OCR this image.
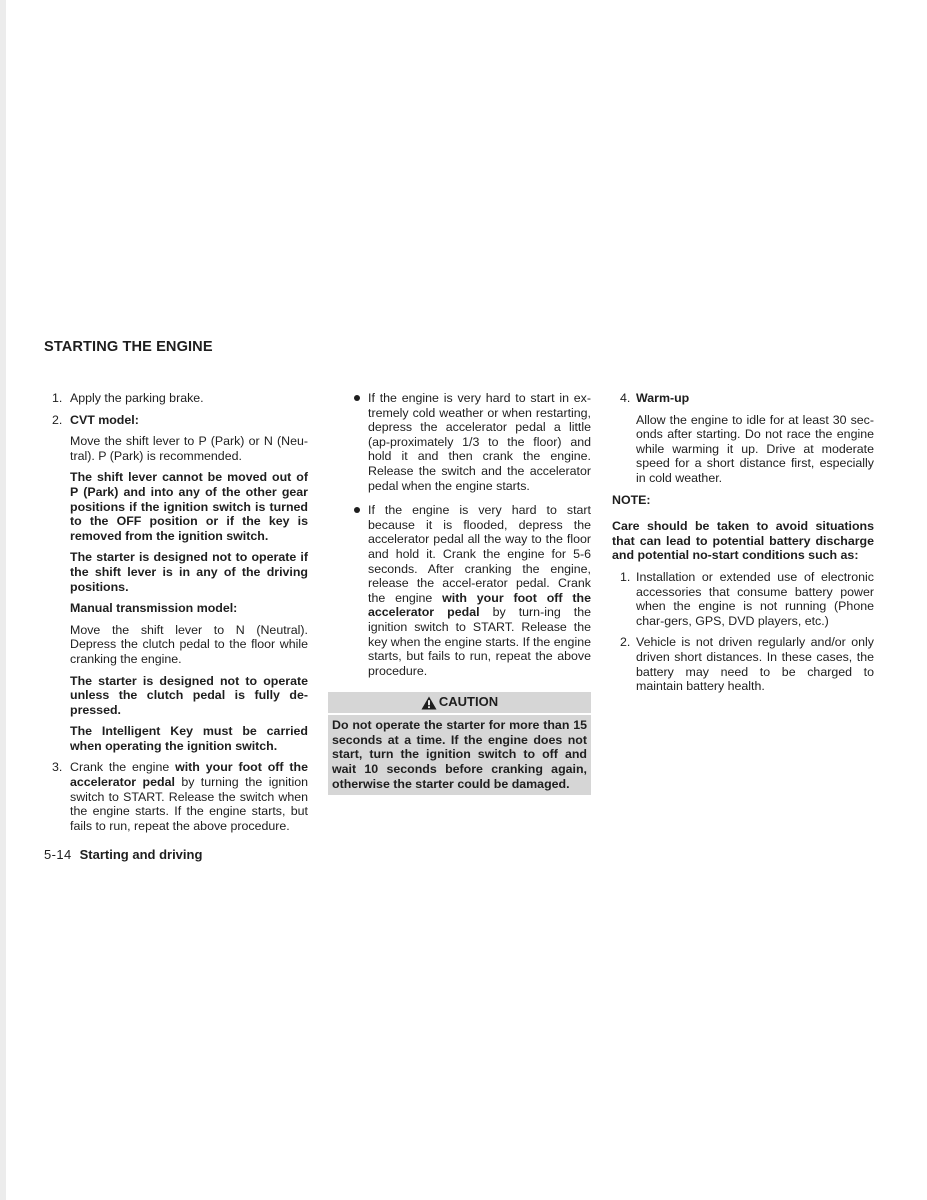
STARTING THE ENGINE
1. Apply the parking brake.

2. CVT model:

Move the shift lever to P (Park) or N (Neu-tral). P (Park) is recommended.

The shift lever cannot be moved out of P (Park) and into any of the other gear positions if the ignition switch is turned to the OFF position or if the key is removed from the ignition switch.

The starter is designed not to operate if the shift lever is in any of the driving positions.

Manual transmission model:

Move the shift lever to N (Neutral). Depress the clutch pedal to the floor while cranking the engine.

The starter is designed not to operate unless the clutch pedal is fully de-pressed.

The Intelligent Key must be carried when operating the ignition switch.

3. Crank the engine with your foot off the accelerator pedal by turning the ignition switch to START. Release the switch when the engine starts. If the engine starts, but fails to run, repeat the above procedure.

If the engine is very hard to start in ex-tremely cold weather or when restarting, depress the accelerator pedal a little (ap-proximately 1/3 to the floor) and hold it and then crank the engine. Release the switch and the accelerator pedal when the engine starts.

If the engine is very hard to start because it is flooded, depress the accelerator pedal all the way to the floor and hold it. Crank the engine for 5-6 seconds. After cranking the engine, release the accel-erator pedal. Crank the engine with your foot off the accelerator pedal by turn-ing the ignition switch to START. Release the key when the engine starts. If the engine starts, but fails to run, repeat the above procedure.

CAUTION
Do not operate the starter for more than 15 seconds at a time. If the engine does not start, turn the ignition switch to off and wait 10 seconds before cranking again, otherwise the starter could be damaged.
4. Warm-up

Allow the engine to idle for at least 30 sec-onds after starting. Do not race the engine while warming it up. Drive at moderate speed for a short distance first, especially in cold weather.

NOTE:

Care should be taken to avoid situations that can lead to potential battery discharge and potential no-start conditions such as:

1. Installation or extended use of electronic accessories that consume battery power when the engine is not running (Phone char-gers, GPS, DVD players, etc.)

2. Vehicle is not driven regularly and/or only driven short distances. In these cases, the battery may need to be charged to maintain battery health.

5-14 Starting and driving
